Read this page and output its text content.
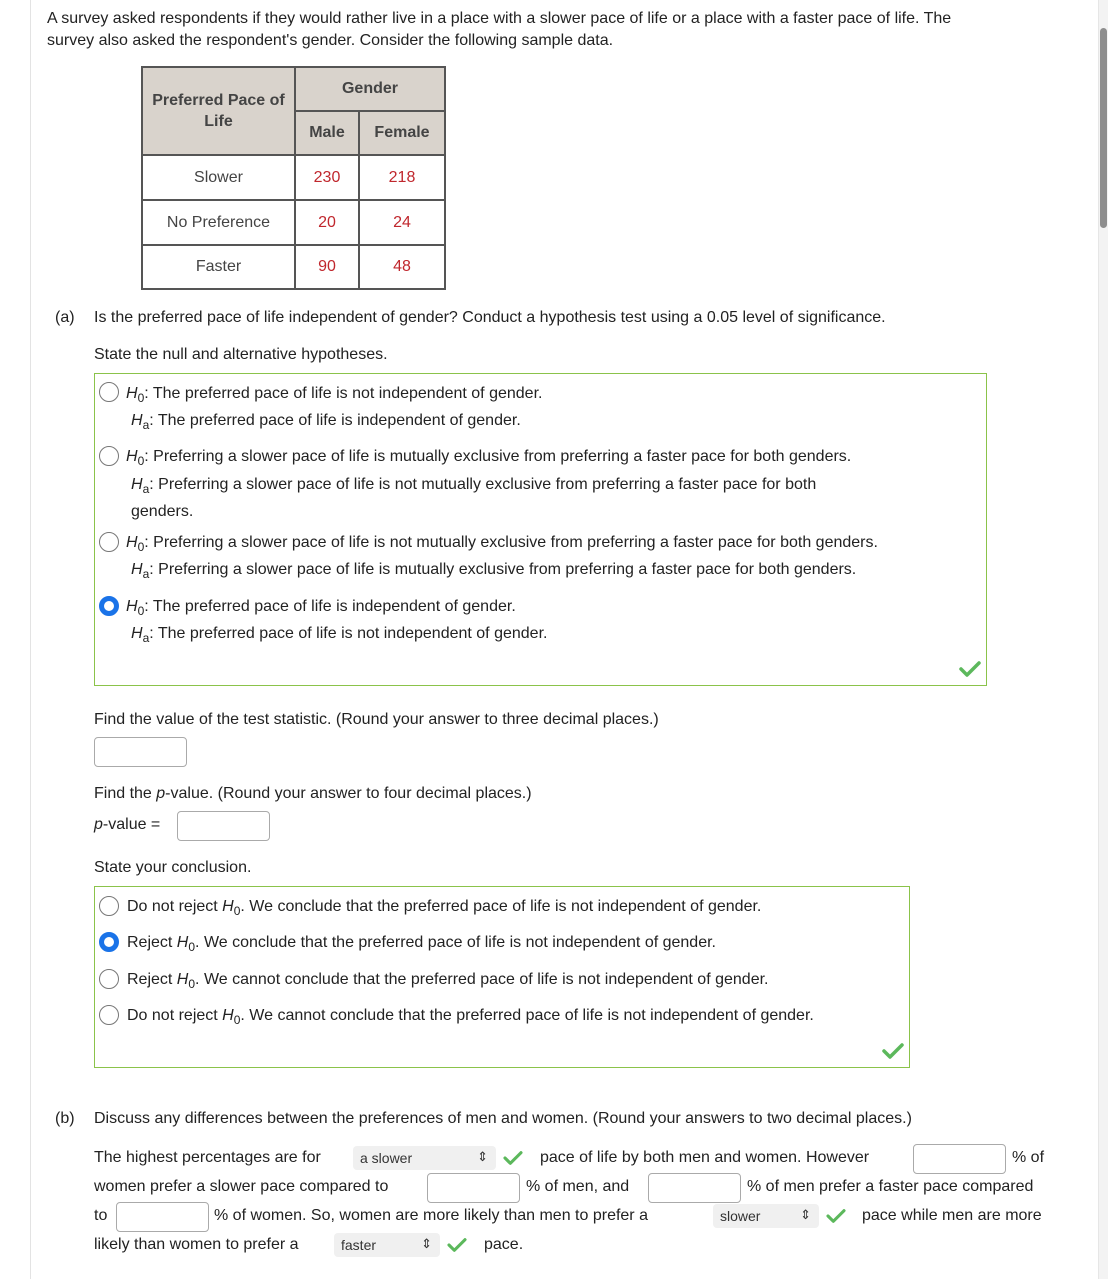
A survey asked respondents if they would rather live in a place with a slower pace of life or a place with a faster pace of life. The
survey also asked the respondent's gender. Consider the following sample data.
Preferred Pace of Life	Gender	
	Male	Female
Slower	230	218
No Preference	20	24
Faster	90	48
(a) Is the preferred pace of life independent of gender? Conduct a hypothesis test using a 0.05 level of significance.
State the null and alternative hypotheses.
$H_0$: The preferred pace of life is not independent of gender.
$H_a$: The preferred pace of life is independent of gender.
$H_0$: Preferring a slower pace of life is mutually exclusive from preferring a faster pace for both genders.
$H_a$: Preferring a slower pace of life is not mutually exclusive from preferring a faster pace for both
genders.
$H_0$: Preferring a slower pace of life is not mutually exclusive from preferring a faster pace for both genders.
$H_a$: Preferring a slower pace of life is mutually exclusive from preferring a faster pace for both genders.
$H_0$: The preferred pace of life is independent of gender.
$H_a$: The preferred pace of life is not independent of gender.
Find the value of the test statistic. (Round your answer to three decimal places.)
Find the p-value. (Round your answer to four decimal places.)
p-value =
State your conclusion.
Do not reject $H_0$. We conclude that the preferred pace of life is not independent of gender.
Reject $H_0$. We conclude that the preferred pace of life is not independent of gender.
Reject $H_0$. We cannot conclude that the preferred pace of life is not independent of gender.
Do not reject $H_0$. We cannot conclude that the preferred pace of life is not independent of gender.
(b) Discuss any differences between the preferences of men and women. (Round your answers to two decimal places.)
The highest percentages are for	a slower	⇕	pace of life by both men and women. However	% of
women prefer a slower pace compared to	% of men, and	% of men prefer a faster pace compared
to	% of women. So, women are more likely than men to prefer a	slower	⇕	pace while men are more
likely than women to prefer a	faster	⇕	pace.
